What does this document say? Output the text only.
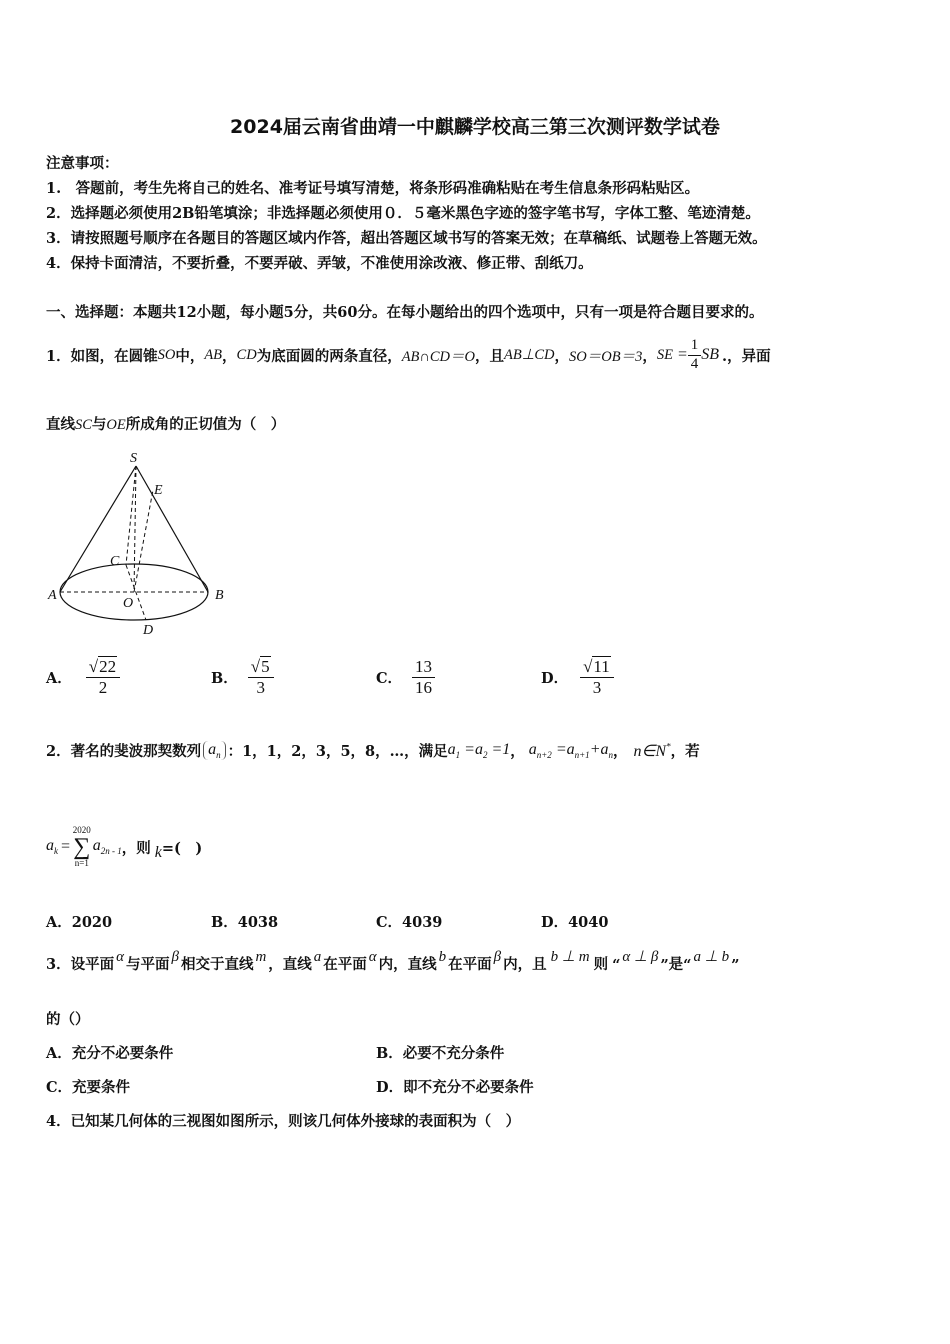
2024届云南省曲靖一中麒麟学校高三第三次测评数学试卷
注意事项：
1.　答题前，考生先将自己的姓名、准考证号填写清楚，将条形码准确粘贴在考生信息条形码粘贴区。
2．选择题必须使用2B铅笔填涂；非选择题必须使用０．５毫米黑色字迹的签字笔书写，字体工整、笔迹清楚。
3．请按照题号顺序在各题目的答题区域内作答，超出答题区域书写的答案无效；在草稿纸、试题卷上答题无效。
4．保持卡面清洁，不要折叠，不要弄破、弄皱，不准使用涂改液、修正带、刮纸刀。
一、选择题：本题共12小题，每小题5分，共60分。在每小题给出的四个选项中，只有一项是符合题目要求的。
1．如图，在圆锥 SO 中， AB ， CD 为底面圆的两条直径， AB∩CD＝O ，且 AB⊥CD ， SO＝OB＝3 ， SE = $\frac{1}{4}$ SB .，异面
直线SC与OE所成角的正切值为（　）
S
E
C
A
O
B
D
A． $\frac{√22}{2}$	B． $\frac{√5}{3}$	C． $\frac{13}{16}$	D． $\frac{√11}{3}$
2．著名的斐波那契数列 $a_n$ ：1，1，2，3，5，8，…，满足 $a_1 =a_2 =1$ ， $a_{n+2} =a_{n+1}+a_n$ ， n∈N* ，若
$a_k$ =
2020
∑
n=1
$a_{2n - 1}$ ，则 k =(　)
A．2020	B．4038	C．4039	D．4040
3．设平面 α 与平面 β 相交于直线 m ，直线 a 在平面 α 内，直线 b 在平面 β 内，且 b ⊥ m 则 “ α ⊥ β ” 是 “ a ⊥ b ”
的（）
A．充分不必要条件	B．必要不充分条件
C．充要条件	D．即不充分不必要条件
4．已知某几何体的三视图如图所示，则该几何体外接球的表面积为（　）
